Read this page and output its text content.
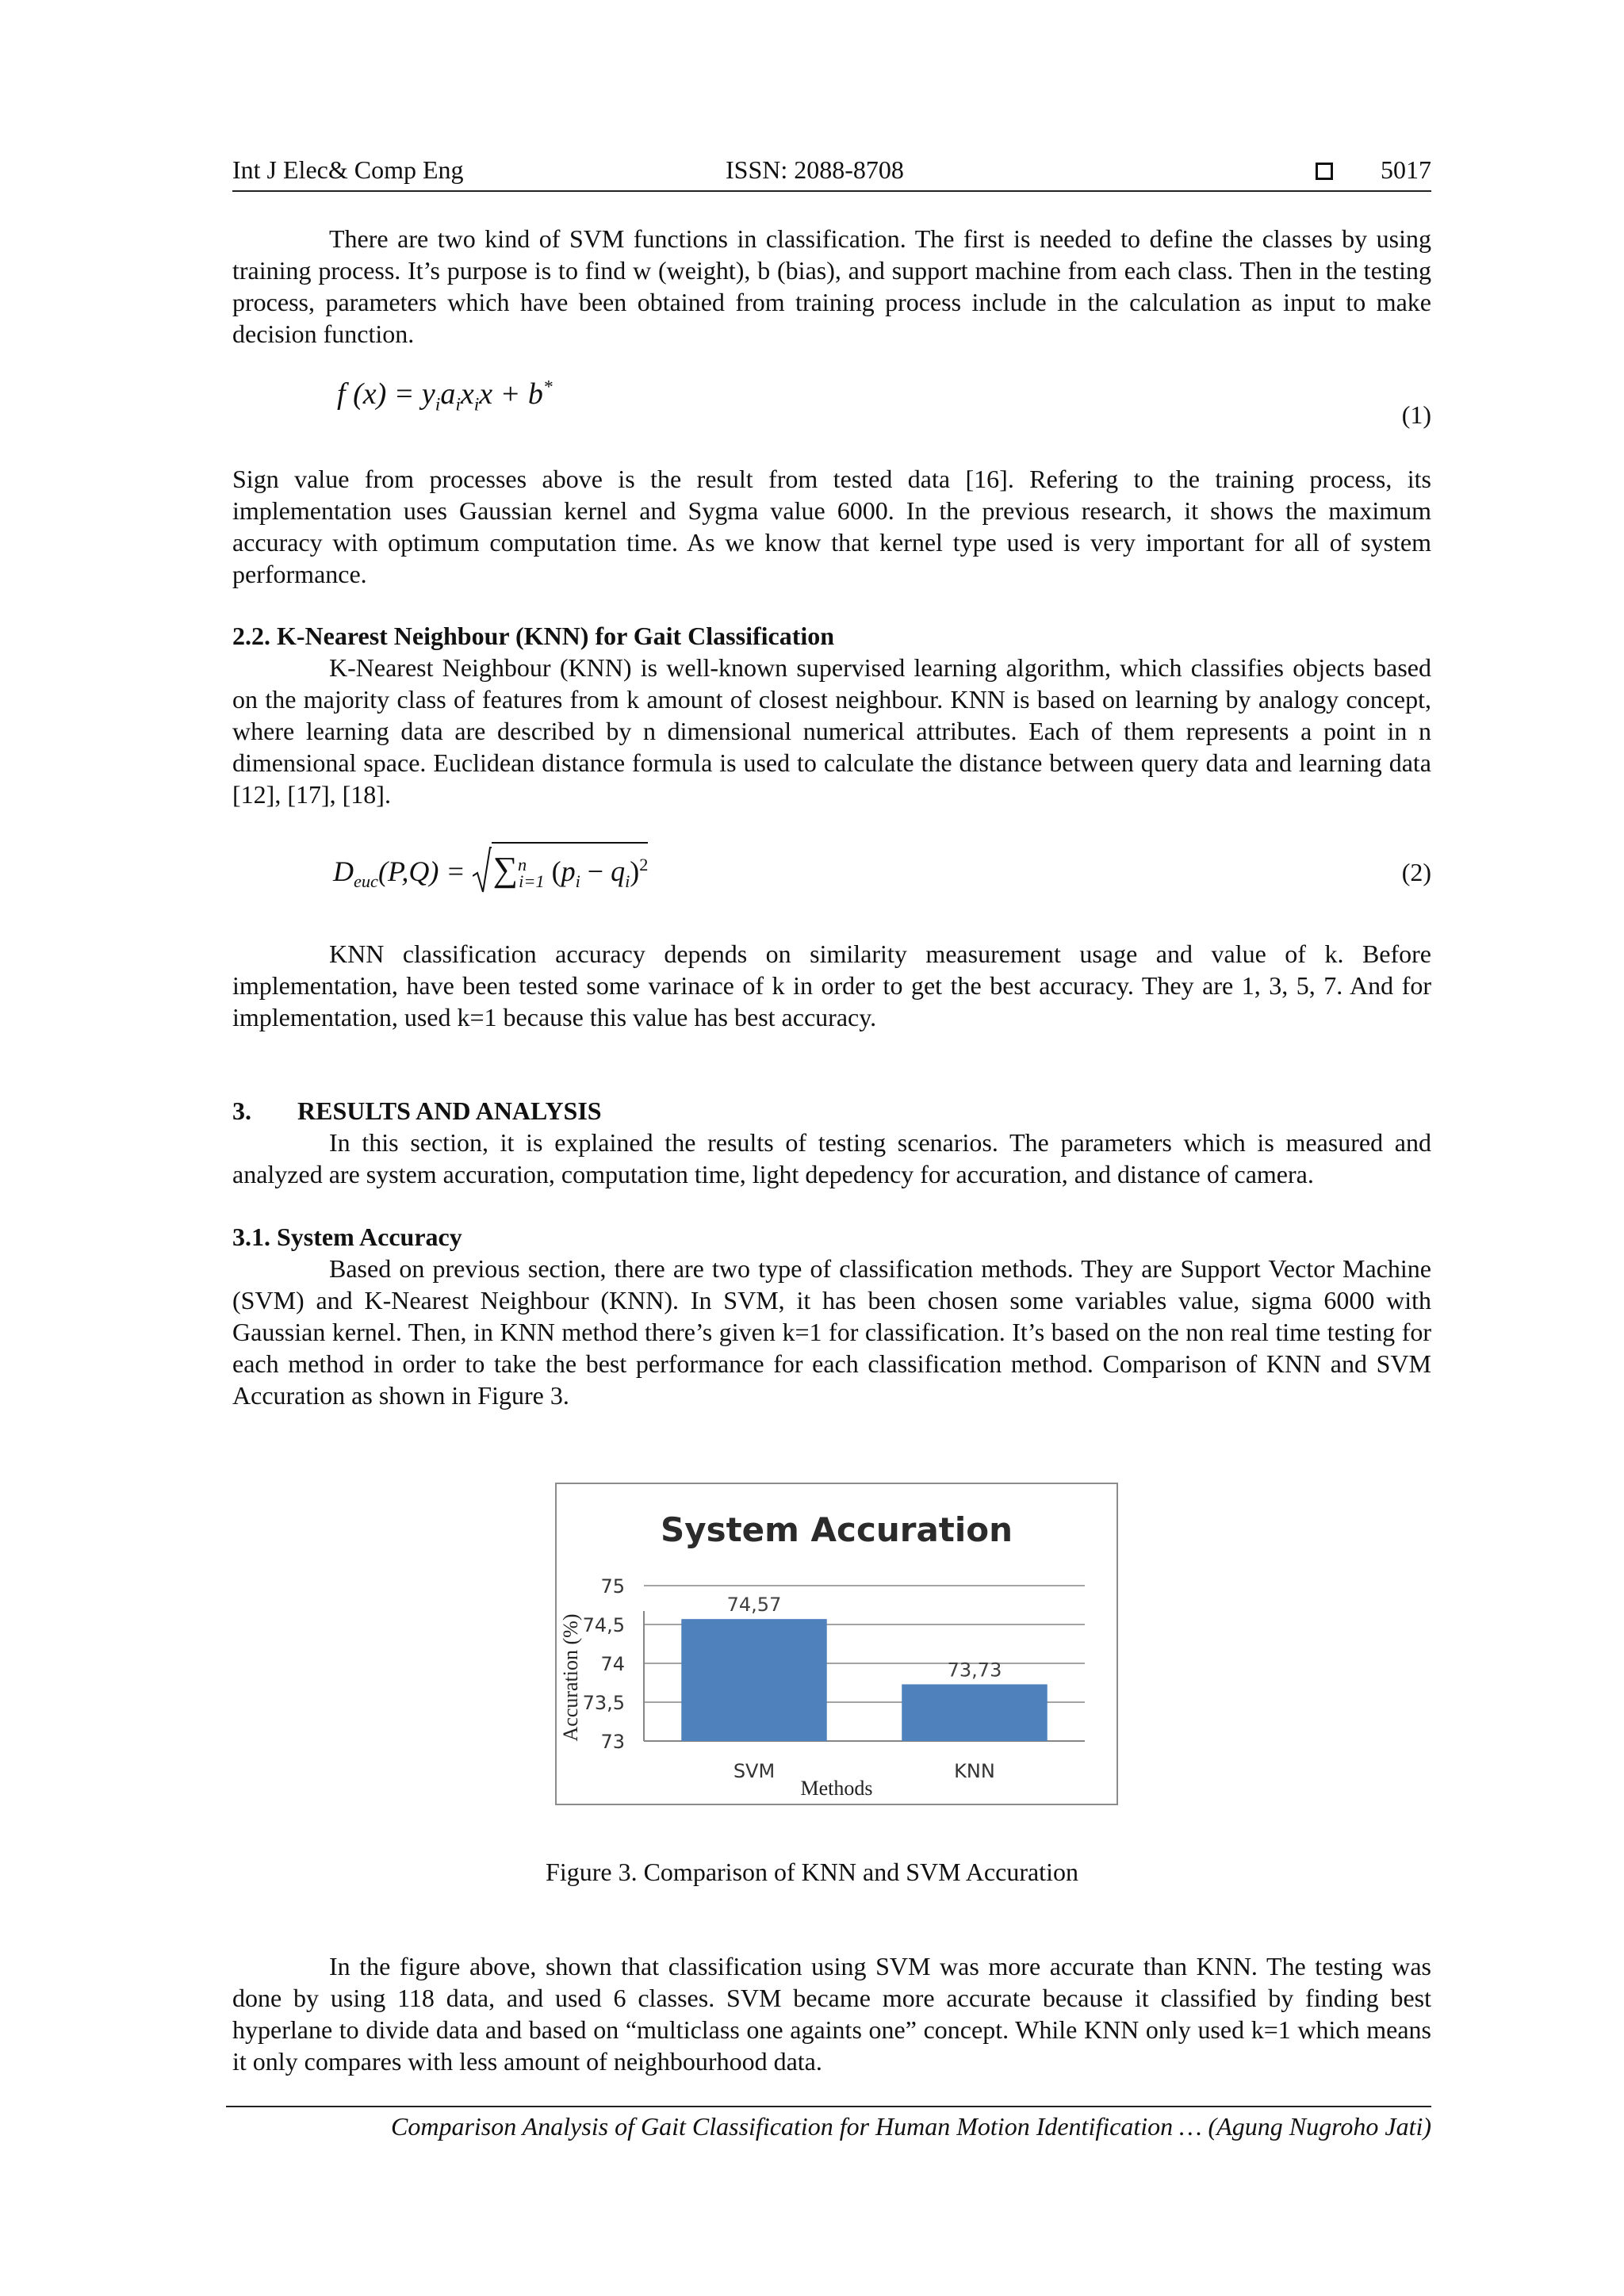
Int J Elec& Comp Eng	ISSN: 2088-8708	5017

There are two kind of SVM functions in classification. The first is needed to define the classes by using training process. It’s purpose is to find w (weight), b (bias), and support machine from each class. Then in the testing process, parameters which have been obtained from training process include in the calculation as input to make decision function.

f $(x) = y_ia_ix_ix + b^*$
(1)

Sign value from processes above is the result from tested data [16]. Refering to the training process, its implementation uses Gaussian kernel and Sygma value 6000. In the previous research, it shows the maximum accuracy with optimum computation time. As we know that kernel type used is very important for all of system performance.

2.2. K-Nearest Neighbour (KNN) for Gait Classification

K-Nearest Neighbour (KNN) is well-known supervised learning algorithm, which classifies objects based on the majority class of features from k amount of closest neighbour. KNN is based on learning by analogy concept, where learning data are described by n dimensional numerical attributes. Each of them represents a point in n dimensional space. Euclidean distance formula is used to calculate the distance between query data and learning data [12], [17], [18].

$D_{euc}(P,Q) = \sum^n_{i=1}$ $(p_i - q_i)^2$	(2)

KNN classification accuracy depends on similarity measurement usage and value of k. Before implementation, have been tested some varinace of k in order to get the best accuracy. They are 1, 3, 5, 7. And for implementation, used k=1 because this value has best accuracy.

3. RESULTS AND ANALYSIS

In this section, it is explained the results of testing scenarios. The parameters which is measured and analyzed are system accuration, computation time, light depedency for accuration, and distance of camera.

3.1. System Accuracy

Based on previous section, there are two type of classification methods. They are Support Vector Machine (SVM) and K-Nearest Neighbour (KNN). In SVM, it has been chosen some variables value, sigma 6000 with Gaussian kernel. Then, in KNN method there’s given k=1 for classification. It’s based on the non real time testing for each method in order to take the best performance for each classification method. Comparison of KNN and SVM Accuration as shown in Figure 3.

System Accuration
Accuration (%)
Methods
73
73,5
74
74,5
75
74,57
SVM
73,73
KNN
Figure 3. Comparison of KNN and SVM Accuration

In the figure above, shown that classification using SVM was more accurate than KNN. The testing was done by using 118 data, and used 6 classes. SVM became more accurate because it classified by finding best hyperlane to divide data and based on “multiclass one againts one” concept. While KNN only used k=1 which means it only compares with less amount of neighbourhood data.

Comparison Analysis of Gait Classification for Human Motion Identification … (Agung Nugroho Jati)
